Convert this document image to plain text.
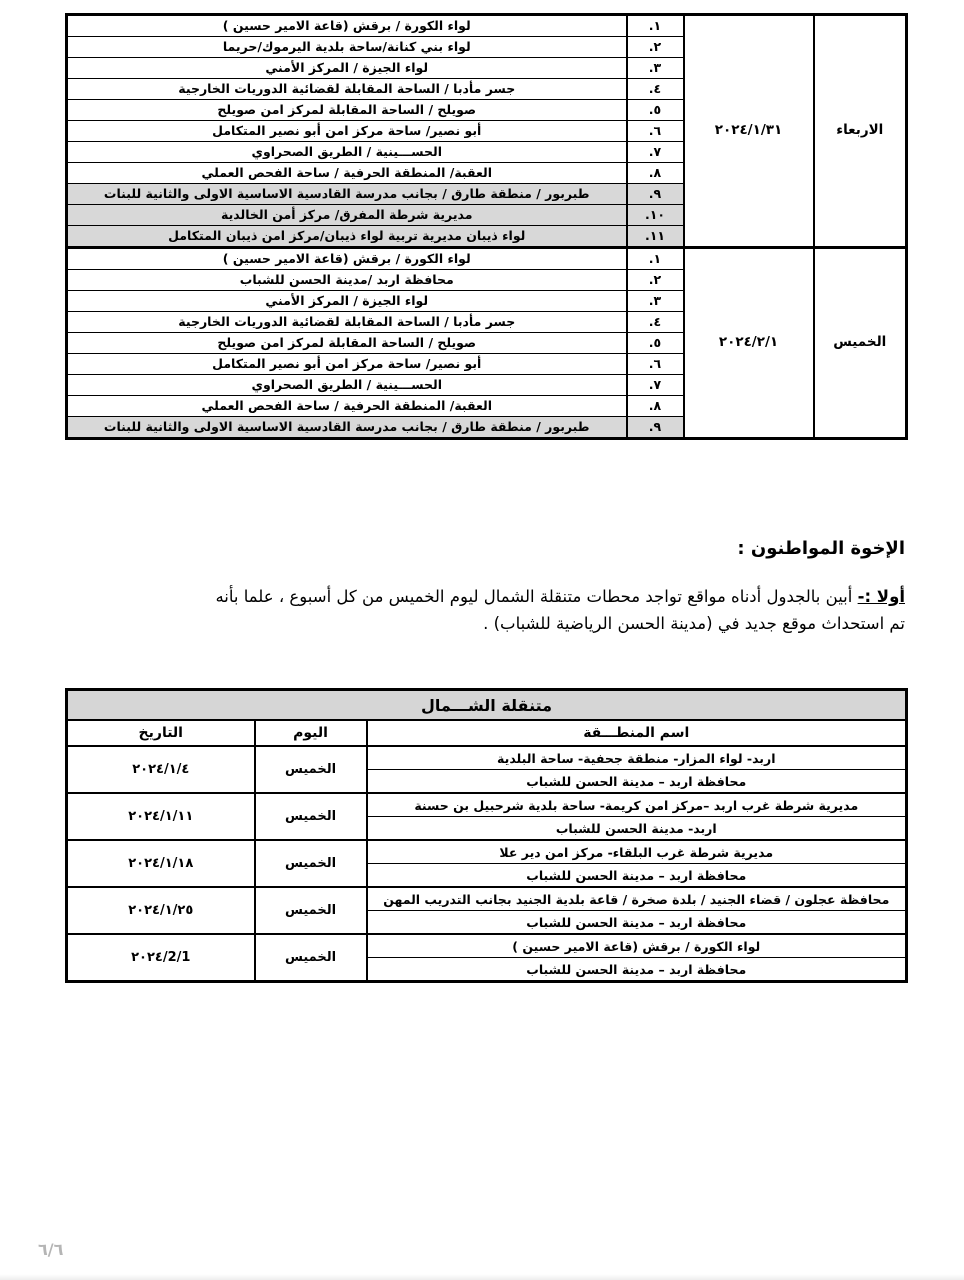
الاربعاء	٢٠٢٤/١/٣١	١.	لواء الكورة / برقش (قاعة الامير حسين )
		٢.	لواء بني كنانة/ساحة بلدية اليرموك/حريما
		٣.	لواء الجيزة / المركز الأمني
		٤.	جسر مأدبا / الساحة المقابلة لقضائية الدوريات الخارجية
		٥.	صويلح / الساحة المقابلة لمركز امن صويلح
		٦.	أبو نصير/ ساحة مركز امن أبو نصير المتكامل
		٧.	الحســـينية / الطريق الصحراوي
		٨.	العقبة/ المنطقة الحرفية / ساحة الفحص العملي
		٩.	طبربور / منطقة طارق / بجانب مدرسة القادسية الاساسية الاولى والثانية للبنات
		١٠.	مديرية شرطة المفرق/ مركز أمن الخالدية
		١١.	لواء ذيبان مديرية تربية لواء ذيبان/مركز امن ذيبان المتكامل
الخميس	٢٠٢٤/٢/١	١.	لواء الكورة / برقش (قاعة الامير حسين )
		٢.	محافظة اربد /مدينة الحسن للشباب
		٣.	لواء الجيزة / المركز الأمني
		٤.	جسر مأدبا / الساحة المقابلة لقضائية الدوريات الخارجية
		٥.	صويلح / الساحة المقابلة لمركز امن صويلح
		٦.	أبو نصير/ ساحة مركز امن أبو نصير المتكامل
		٧.	الحســـينية / الطريق الصحراوي
		٨.	العقبة/ المنطقة الحرفية / ساحة الفحص العملي
		٩.	طبربور / منطقة طارق / بجانب مدرسة القادسية الاساسية الاولى والثانية للبنات

الإخوة المواطنون :

أولا :- أبين بالجدول أدناه مواقع تواجد محطات متنقلة الشمال ليوم الخميس من كل أسبوع ، علما بأنه

تم استحداث موقع جديد في (مدينة الحسن الرياضية للشباب) .

متنقلة الشـــمال		
اسم المنطـــقة	اليوم	التاريخ
اربد- لواء المزار- منطقة جحفية- ساحة البلدية	الخميس	٢٠٢٤/١/٤
محافظة اربد – مدينة الحسن للشباب		
مديرية شرطة غرب اربد –مركز امن كريمة- ساحة بلدية شرحبيل بن حسنة	الخميس	٢٠٢٤/١/١١
اربد- مدينة الحسن للشباب		
مديرية شرطة غرب البلقاء- مركز امن دير علا	الخميس	٢٠٢٤/١/١٨
محافظة اربد – مدينة الحسن للشباب		
محافظة عجلون / قضاء الجنيد / بلدة صخرة / قاعة بلدية الجنيد بجانب التدريب المهن	الخميس	٢٠٢٤/١/٢٥
محافظة اربد – مدينة الحسن للشباب		
لواء الكورة / برقش (قاعة الامير حسين )	الخميس	٢٠٢٤/2/1
محافظة اربد – مدينة الحسن للشباب		
٦/٦
